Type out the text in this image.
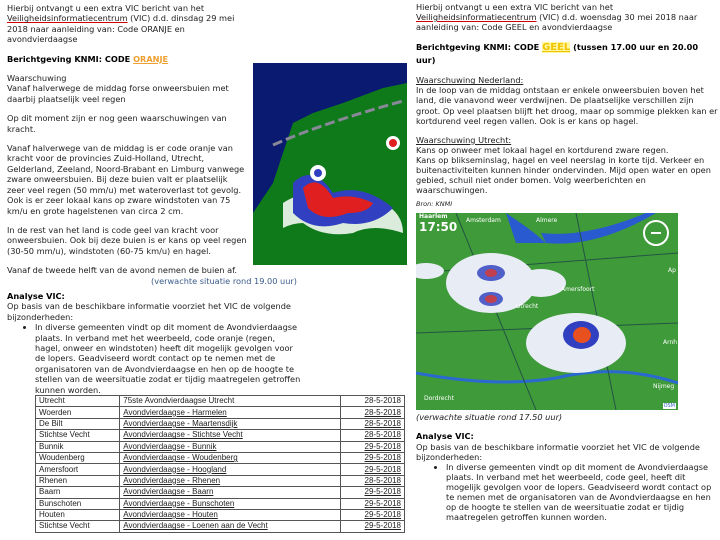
Hierbij ontvangt u een extra VIC bericht van het Veiligheidsinformatiecentrum (VIC) d.d. dinsdag 29 mei 2018 naar aanleiding van: Code ORANJE en avondvierdaagse
Berichtgeving KNMI: CODE ORANJE
Waarschuwing
Vanaf halverwege de middag forse onweersbuien met daarbij plaatselijk veel regen
Op dit moment zijn er nog geen waarschuwingen van kracht.
Vanaf halverwege van de middag is er code oranje van kracht voor de provincies Zuid-Holland, Utrecht, Gelderland, Zeeland, Noord-Brabant en Limburg vanwege zware onweersbuien. Bij deze buien valt er plaatselijk zeer veel regen (50 mm/u) met wateroverlast tot gevolg. Ook is er zeer lokaal kans op zware windstoten van 75 km/u en grote hagelstenen van circa 2 cm.
In de rest van het land is code geel van kracht voor onweersbuien. Ook bij deze buien is er kans op veel regen (30-50 mm/u), windstoten (60-75 km/u) en hagel.
Vanaf de tweede helft van de avond nemen de buien af.
(verwachte situatie rond 19.00 uur)
Analyse VIC:
Op basis van de beschikbare informatie voorziet het VIC de volgende bijzonderheden:
• In diverse gemeenten vindt op dit moment de Avondvierdaagse plaats. In verband met het weerbeeld, code oranje (regen, hagel, onweer en windstoten) heeft dit mogelijk gevolgen voor de lopers. Geadviseerd wordt contact op te nemen met de organisatoren van de Avondvierdaagse en hen op de hoogte te stellen van de weersituatie zodat er tijdig maatregelen getroffen kunnen worden.
Utrecht	75ste Avondvierdaagse Utrecht	28-5-2018
Woerden	Avondvierdaagse - Harmelen	28-5-2018
De Bilt	Avondvierdaagse - Maartensdijk	28-5-2018
Stichtse Vecht	Avondvierdaagse - Stichtse Vecht	28-5-2018
Bunnik	Avondvierdaagse - Bunnik	29-5-2018
Woudenberg	Avondvierdaagse - Woudenberg	29-5-2018
Amersfoort	Avondvierdaagse - Hoogland	29-5-2018
Rhenen	Avondvierdaagse - Rhenen	28-5-2018
Baarn	Avondvierdaagse - Baarn	29-5-2018
Bunschoten	Avondvierdaagse - Bunschoten	29-5-2018
Houten	Avondvierdaagse - Houten	29-5-2018
Stichtse Vecht	Avondvierdaagse - Loenen aan de Vecht	29-5-2018
Hierbij ontvangt u een extra VIC bericht van het Veiligheidsinformatiecentrum (VIC) d.d. woensdag 30 mei 2018 naar aanleiding van: Code GEEL en avondvierdaagse
Berichtgeving KNMI: CODE GEEL (tussen 17.00 uur en 20.00 uur)
Waarschuwing Nederland:
In de loop van de middag ontstaan er enkele onweersbuien boven het land, die vanavond weer verdwijnen. De plaatselijke verschillen zijn groot. Op veel plaatsen blijft het droog, maar op sommige plekken kan er kortdurend veel regen vallen. Ook is er kans op hagel.
Waarschuwing Utrecht:
Kans op onweer met lokaal hagel en kortdurend zware regen.
Kans op blikseminslag, hagel en veel neerslag in korte tijd. Verkeer en buitenactiviteiten kunnen hinder ondervinden. Mijd open water en open gebied, schuil niet onder bomen. Volg weerberichten en waarschuwingen.
Bron: KNMI
Haarlem
17:50 Amsterdam	Almere
Amersfoort
Utrecht
Dordrecht
Arnh
Nijmeg
Ap
OSM
(verwachte situatie rond 17.50 uur)
Analyse VIC:
Op basis van de beschikbare informatie voorziet het VIC de volgende bijzonderheden:
• In diverse gemeenten vindt op dit moment de Avondvierdaagse plaats. In verband met het weerbeeld, code geel, heeft dit mogelijk gevolgen voor de lopers. Geadviseerd wordt contact op te nemen met de organisatoren van de Avondvierdaagse en hen op de hoogte te stellen van de weersituatie zodat er tijdig maatregelen getroffen kunnen worden.
